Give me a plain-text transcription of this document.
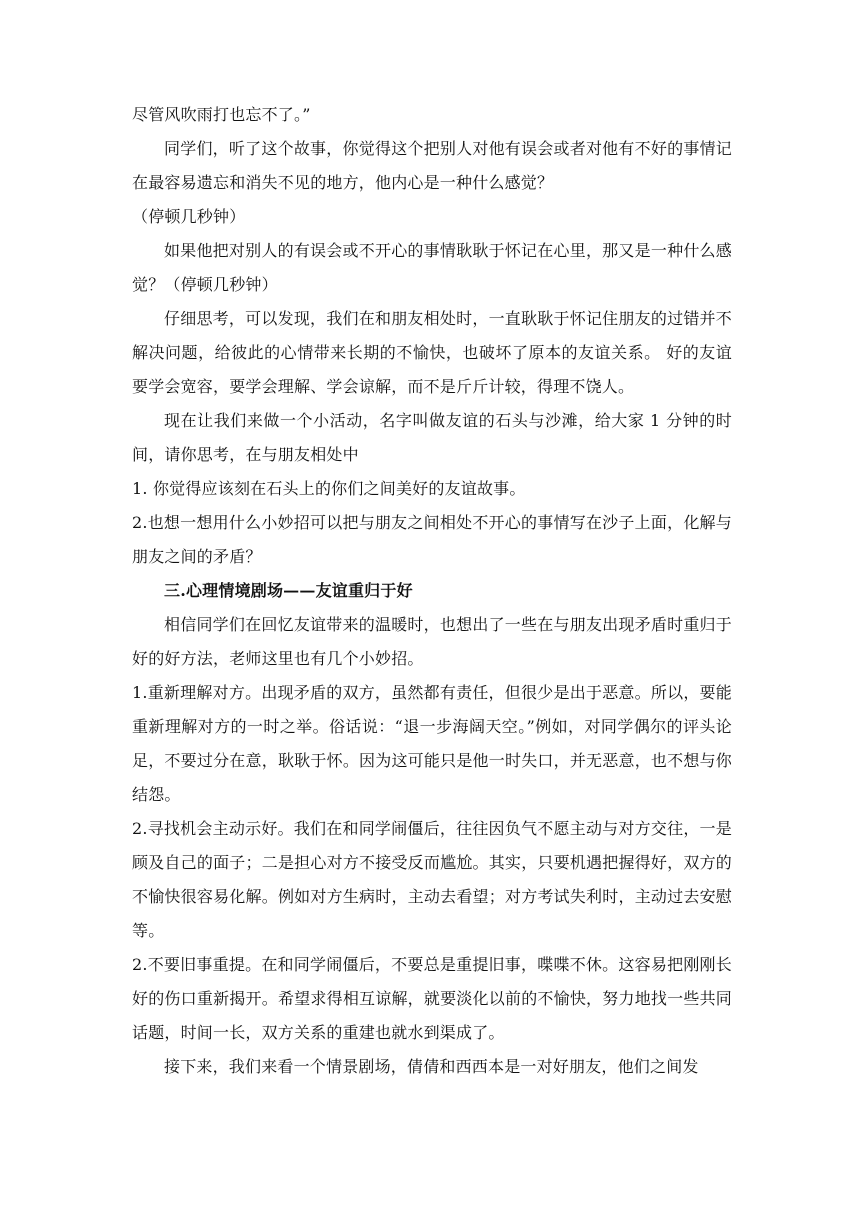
尽管风吹雨打也忘不了。”

同学们，听了这个故事，你觉得这个把别人对他有误会或者对他有不好的事情记在最容易遗忘和消失不见的地方，他内心是一种什么感觉？

（停顿几秒钟）

如果他把对别人的有误会或不开心的事情耿耿于怀记在心里，那又是一种什么感觉？（停顿几秒钟）

仔细思考，可以发现，我们在和朋友相处时，一直耿耿于怀记住朋友的过错并不解决问题，给彼此的心情带来长期的不愉快，也破坏了原本的友谊关系。 好的友谊要学会宽容，要学会理解、学会谅解，而不是斤斤计较，得理不饶人。

现在让我们来做一个小活动，名字叫做友谊的石头与沙滩，给大家 1 分钟的时间，请你思考，在与朋友相处中

1. 你觉得应该刻在石头上的你们之间美好的友谊故事。

2.也想一想用什么小妙招可以把与朋友之间相处不开心的事情写在沙子上面，化解与朋友之间的矛盾？

三.心理情境剧场——友谊重归于好

相信同学们在回忆友谊带来的温暖时，也想出了一些在与朋友出现矛盾时重归于好的好方法，老师这里也有几个小妙招。

1.重新理解对方。出现矛盾的双方，虽然都有责任，但很少是出于恶意。所以，要能重新理解对方的一时之举。俗话说：“退一步海阔天空。”例如，对同学偶尔的评头论足，不要过分在意，耿耿于怀。因为这可能只是他一时失口，并无恶意，也不想与你结怨。

2.寻找机会主动示好。我们在和同学闹僵后，往往因负气不愿主动与对方交往，一是顾及自己的面子；二是担心对方不接受反而尴尬。其实，只要机遇把握得好，双方的不愉快很容易化解。例如对方生病时，主动去看望；对方考试失利时，主动过去安慰等。

2.不要旧事重提。在和同学闹僵后，不要总是重提旧事，喋喋不休。这容易把刚刚长好的伤口重新揭开。希望求得相互谅解，就要淡化以前的不愉快，努力地找一些共同话题，时间一长，双方关系的重建也就水到渠成了。

接下来，我们来看一个情景剧场，倩倩和西西本是一对好朋友，他们之间发
